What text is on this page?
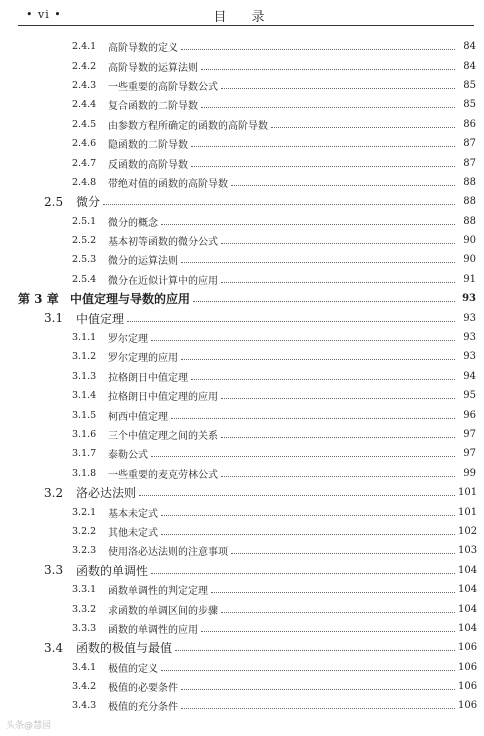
• vi •	目　录
2.4.1	高阶导数的定义	84
2.4.2	高阶导数的运算法则	84
2.4.3	一些重要的高阶导数公式	85
2.4.4	复合函数的二阶导数	85
2.4.5	由参数方程所确定的函数的高阶导数	86
2.4.6	隐函数的二阶导数	87
2.4.7	反函数的高阶导数	87
2.4.8	带绝对值的函数的高阶导数	88
2.5	微分	88
2.5.1	微分的概念	88
2.5.2	基本初等函数的微分公式	90
2.5.3	微分的运算法则	90
2.5.4	微分在近似计算中的应用	91
第 3 章 中值定理与导数的应用	93
3.1	中值定理	93
3.1.1	罗尔定理	93
3.1.2	罗尔定理的应用	93
3.1.3	拉格朗日中值定理	94
3.1.4	拉格朗日中值定理的应用	95
3.1.5	柯西中值定理	96
3.1.6	三个中值定理之间的关系	97
3.1.7	泰勒公式	97
3.1.8	一些重要的麦克劳林公式	99
3.2	洛必达法则	101
3.2.1	基本未定式	101
3.2.2	其他未定式	102
3.2.3	使用洛必达法则的注意事项	103
3.3	函数的单调性	104
3.3.1	函数单调性的判定定理	104
3.3.2	求函数的单调区间的步骤	104
3.3.3	函数的单调性的应用	104
3.4	函数的极值与最值	106
3.4.1	极值的定义	106
3.4.2	极值的必要条件	106
3.4.3	极值的充分条件	106
头条@慧园
